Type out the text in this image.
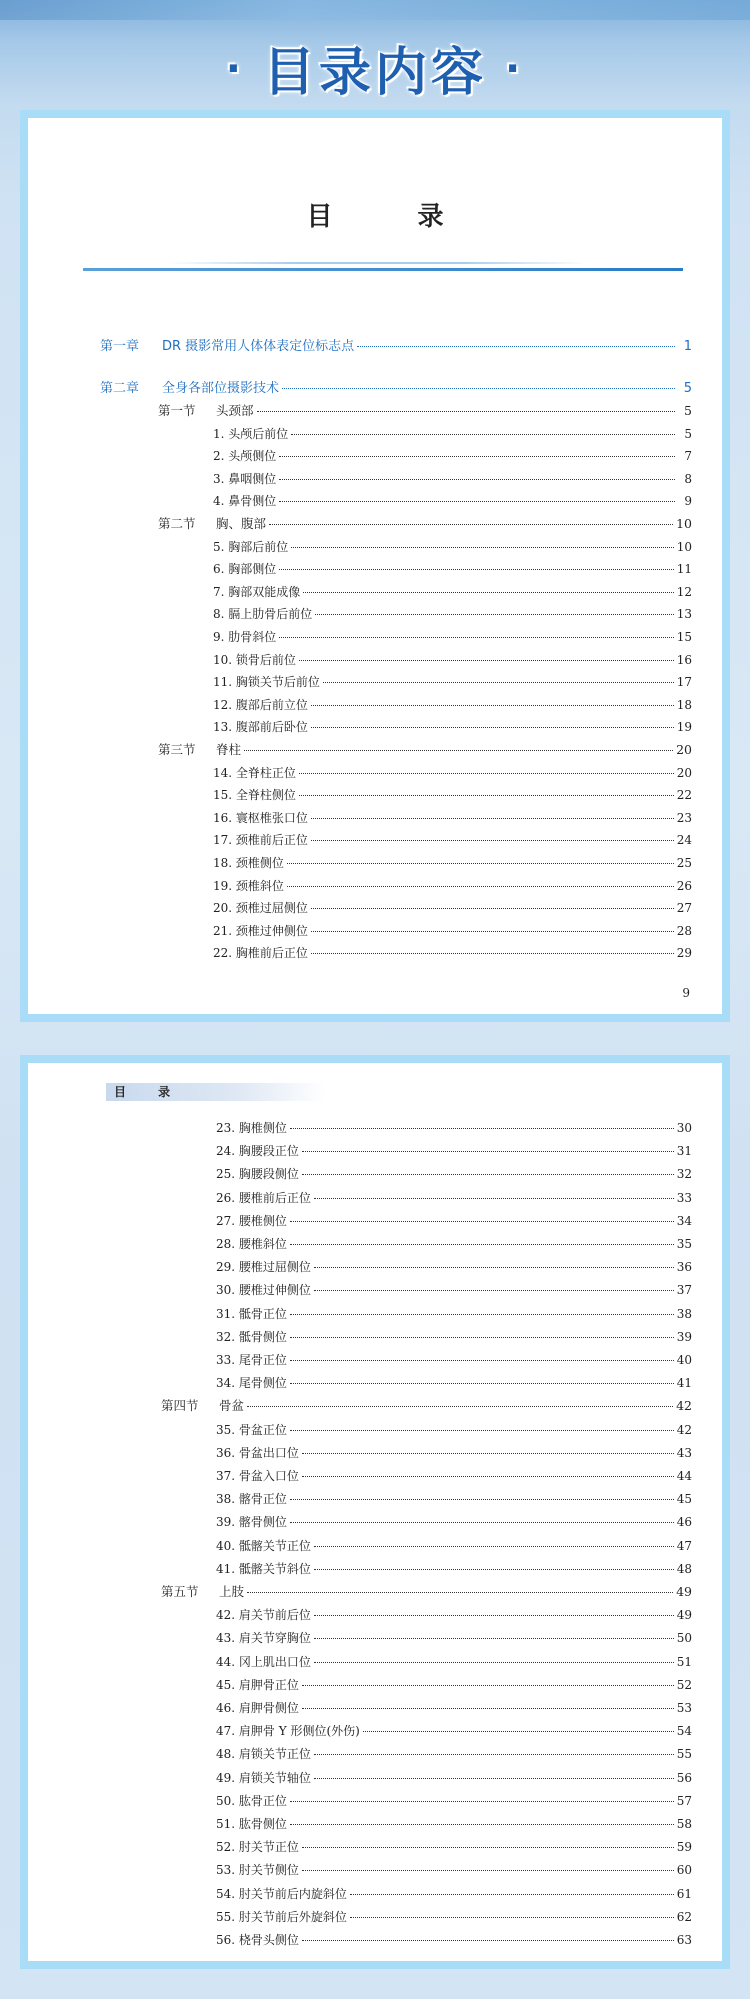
· 目录内容 ·
目 录
第一章 DR 摄影常用人体体表定位标志点	1
第二章 全身各部位摄影技术	5
第一节 头颈部	5
1. 头颅后前位	5
2. 头颅侧位	7
3. 鼻咽侧位	8
4. 鼻骨侧位	9
第二节 胸、腹部	10
5. 胸部后前位	10
6. 胸部侧位	11
7. 胸部双能成像	12
8. 膈上肋骨后前位	13
9. 肋骨斜位	15
10. 锁骨后前位	16
11. 胸锁关节后前位	17
12. 腹部后前立位	18
13. 腹部前后卧位	19
第三节 脊柱	20
14. 全脊柱正位	20
15. 全脊柱侧位	22
16. 寰枢椎张口位	23
17. 颈椎前后正位	24
18. 颈椎侧位	25
19. 颈椎斜位	26
20. 颈椎过屈侧位	27
21. 颈椎过伸侧位	28
22. 胸椎前后正位	29
9
目 录
23. 胸椎侧位	30
24. 胸腰段正位	31
25. 胸腰段侧位	32
26. 腰椎前后正位	33
27. 腰椎侧位	34
28. 腰椎斜位	35
29. 腰椎过屈侧位	36
30. 腰椎过伸侧位	37
31. 骶骨正位	38
32. 骶骨侧位	39
33. 尾骨正位	40
34. 尾骨侧位	41
第四节 骨盆	42
35. 骨盆正位	42
36. 骨盆出口位	43
37. 骨盆入口位	44
38. 髂骨正位	45
39. 髂骨侧位	46
40. 骶髂关节正位	47
41. 骶髂关节斜位	48
第五节 上肢	49
42. 肩关节前后位	49
43. 肩关节穿胸位	50
44. 冈上肌出口位	51
45. 肩胛骨正位	52
46. 肩胛骨侧位	53
47. 肩胛骨 Y 形侧位(外伤)	54
48. 肩锁关节正位	55
49. 肩锁关节轴位	56
50. 肱骨正位	57
51. 肱骨侧位	58
52. 肘关节正位	59
53. 肘关节侧位	60
54. 肘关节前后内旋斜位	61
55. 肘关节前后外旋斜位	62
56. 桡骨头侧位	63
